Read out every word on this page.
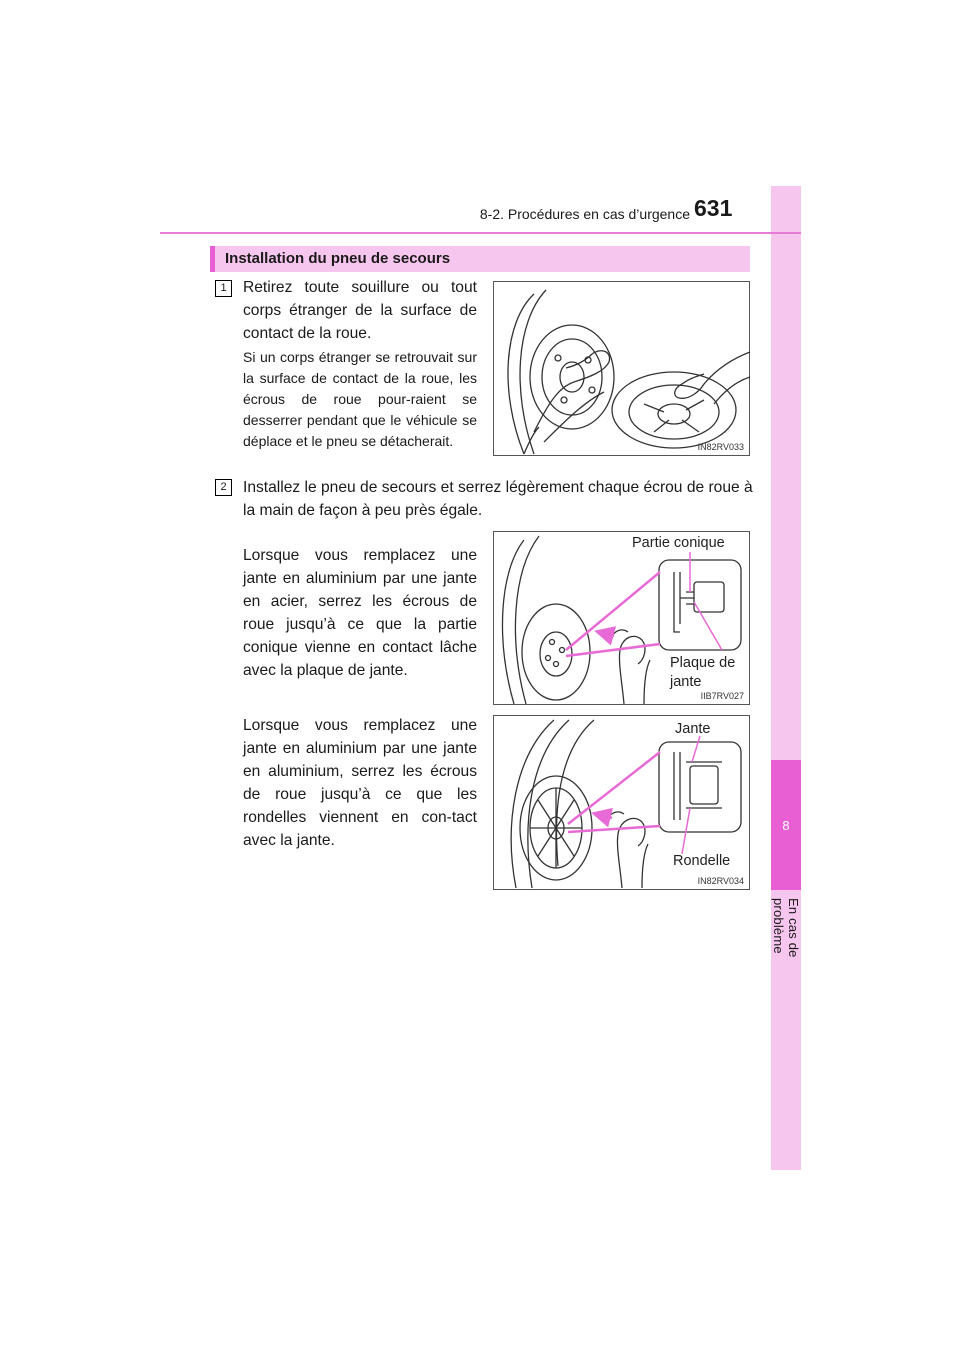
8
En cas de problème
8-2. Procédures en cas d’urgence 631
Installation du pneu de secours
1	Retirez toute souillure ou tout corps étranger de la surface de contact de la roue.
Si un corps étranger se retrouvait sur la surface de contact de la roue, les écrous de roue pour-raient se desserrer pendant que le véhicule se déplace et le pneu se détacherait.	IN82RV033
2	Installez le pneu de secours et serrez légèrement chaque écrou de roue à la main de façon à peu près égale.
Lorsque vous remplacez une jante en aluminium par une jante en acier, serrez les écrous de roue jusqu’à ce que la partie conique vienne en contact lâche avec la plaque de jante.
IIB7RV027
Partie conique
Plaque de jante
Lorsque vous remplacez une jante en aluminium par une jante en aluminium, serrez les écrous de roue jusqu’à ce que les rondelles viennent en con-tact avec la jante.
IN82RV034
Jante
Rondelle
